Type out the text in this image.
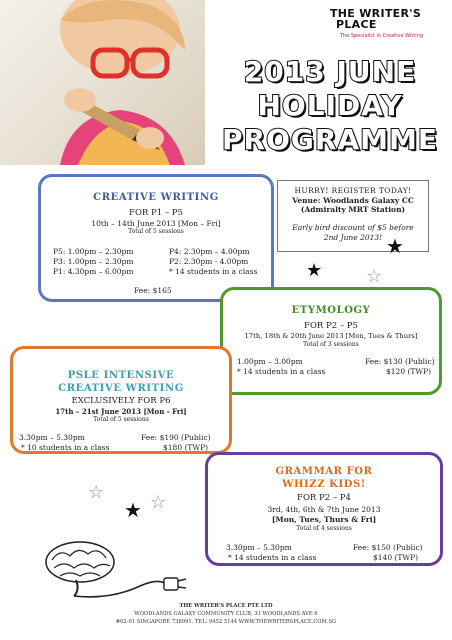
THE WRITER'S
PLACE
The Specialist in Creative Writing
2013 JUNE
HOLIDAY
PROGRAMME
CREATIVE WRITING
FOR P1 – P5
10th – 14th June 2013 [Mon – Fri]
Total of 5 sessions
P5: 1.00pm – 2.30pm
P3: 1.00pm – 2.30pm
P1: 4.30pm – 6.00pm
P4: 2.30pm – 4.00pm
P2: 2.30pm - 4.00pm
* 14 students in a class
Fee: $165
HURRY! REGISTER TODAY!
Venue: Woodlands Galaxy CC
(Admiralty MRT Station)
Early bird discount of $5 before
2nd June 2013! ★
★ ☆
ETYMOLOGY
FOR P2 – P5
17th, 18th & 20th June 2013 [Mon, Tues & Thurs]
Total of 3 sessions
1.00pm – 3.00pm
* 14 students in a class
Fee: $130 (Public)
$120 (TWP)
PSLE INTENSIVE
CREATIVE WRITING
EXCLUSIVELY FOR P6
17th – 21st June 2013 [Mon - Fri]
Total of 5 sessions
3.30pm – 5.30pm
* 10 students in a class
Fee: $190 (Public)
$180 (TWP)
☆	☆
★
GRAMMAR FOR
WHIZZ KIDS!
FOR P2 – P4
3rd, 4th, 6th & 7th June 2013
[Mon, Tues, Thurs & Fri]
Total of 4 sessions
3.30pm – 5.30pm
* 14 students in a class
Fee: $150 (Public)
$140 (TWP)
THE WRITER'S PLACE PTE LTD
WOODLANDS GALAXY COMMUNITY CLUB, 31 WOODLANDS AVE 6
#02-01 SINGAPORE 738991. TEL: 9452 5144 WWW.THEWRITERSPLACE.COM.SG
